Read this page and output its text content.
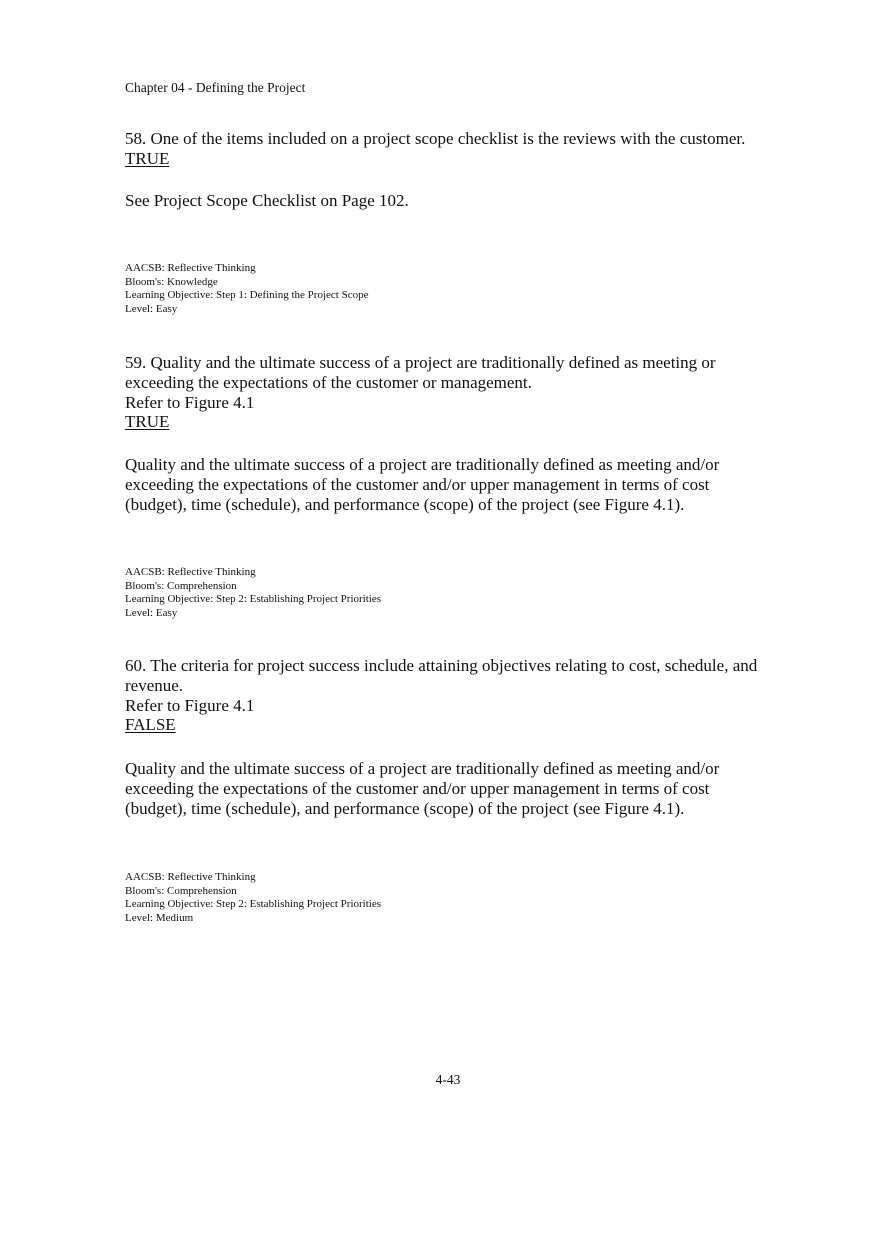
Chapter 04 - Defining the Project
58. One of the items included on a project scope checklist is the reviews with the customer.
TRUE
See Project Scope Checklist on Page 102.
AACSB: Reflective Thinking
Bloom's: Knowledge
Learning Objective: Step 1: Defining the Project Scope
Level: Easy
59. Quality and the ultimate success of a project are traditionally defined as meeting or
exceeding the expectations of the customer or management.
Refer to Figure 4.1
TRUE
Quality and the ultimate success of a project are traditionally defined as meeting and/or
exceeding the expectations of the customer and/or upper management in terms of cost
(budget), time (schedule), and performance (scope) of the project (see Figure 4.1).
AACSB: Reflective Thinking
Bloom's: Comprehension
Learning Objective: Step 2: Establishing Project Priorities
Level: Easy
60. The criteria for project success include attaining objectives relating to cost, schedule, and
revenue.
Refer to Figure 4.1
FALSE
Quality and the ultimate success of a project are traditionally defined as meeting and/or
exceeding the expectations of the customer and/or upper management in terms of cost
(budget), time (schedule), and performance (scope) of the project (see Figure 4.1).
AACSB: Reflective Thinking
Bloom's: Comprehension
Learning Objective: Step 2: Establishing Project Priorities
Level: Medium
4-43
